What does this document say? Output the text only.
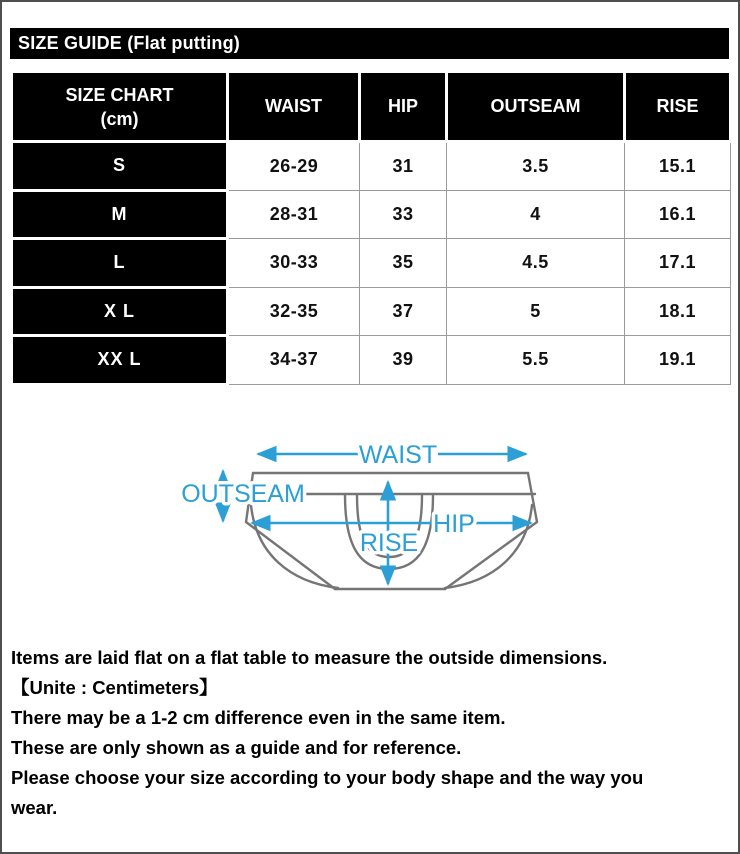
SIZE GUIDE (Flat putting)
SIZE CHART
(cm)	WAIST	HIP	OUTSEAM	RISE
S	26-29	31	3.5	15.1
M	28-31	33	4	16.1
L	30-33	35	4.5	17.1
X L	32-35	37	5	18.1
XX L	34-37	39	5.5	19.1
WAIST
OUTSEAM
HIP
RISE
Items are laid flat on a flat table to measure the outside dimensions.
【Unite : Centimeters】
There may be a 1-2 cm difference even in the same item.
These are only shown as a guide and for reference.
Please choose your size according to your body shape and the way you
wear.
